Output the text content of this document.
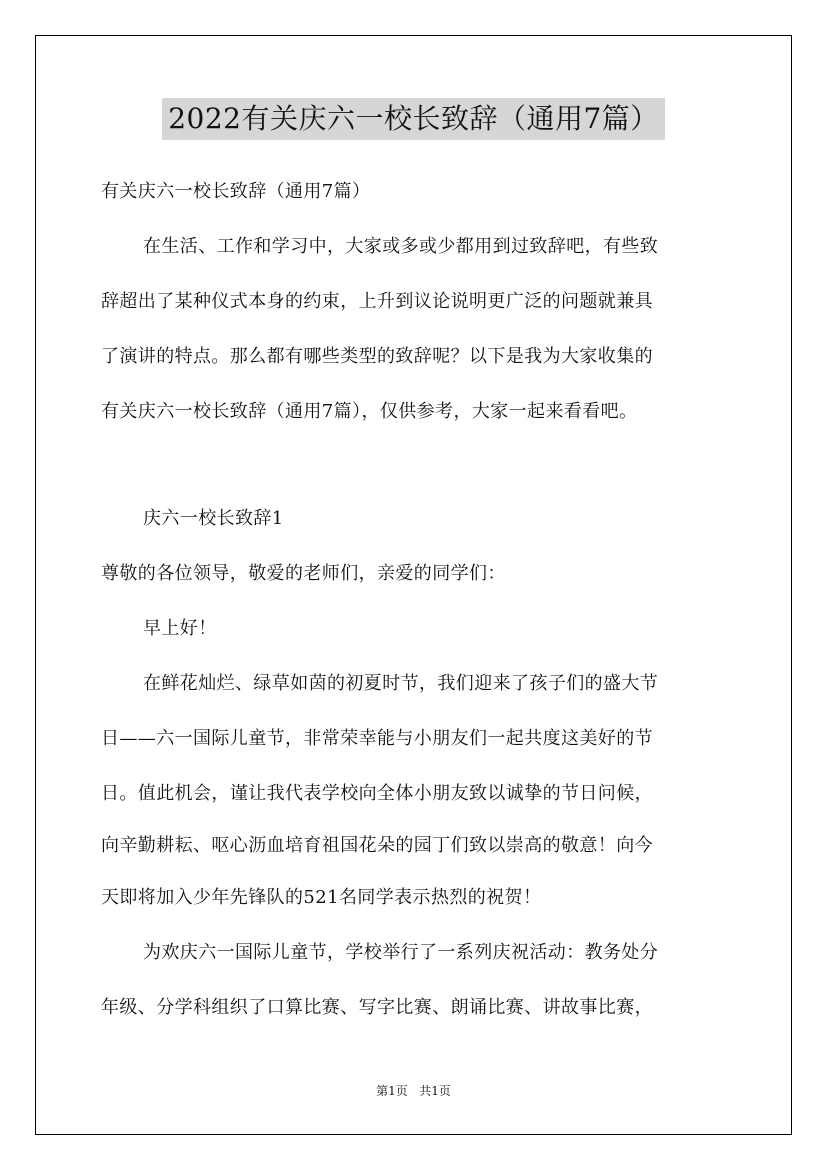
2022有关庆六一校长致辞（通用7篇）
有关庆六一校长致辞（通用7篇）
在生活、工作和学习中，大家或多或少都用到过致辞吧，有些致
辞超出了某种仪式本身的约束，上升到议论说明更广泛的问题就兼具
了演讲的特点。那么都有哪些类型的致辞呢？以下是我为大家收集的
有关庆六一校长致辞（通用7篇），仅供参考，大家一起来看看吧。
庆六一校长致辞1
尊敬的各位领导，敬爱的老师们，亲爱的同学们：
早上好！
在鲜花灿烂、绿草如茵的初夏时节，我们迎来了孩子们的盛大节
日——六一国际儿童节，非常荣幸能与小朋友们一起共度这美好的节
日。值此机会，谨让我代表学校向全体小朋友致以诚挚的节日问候，
向辛勤耕耘、呕心沥血培育祖国花朵的园丁们致以崇高的敬意！向今
天即将加入少年先锋队的521名同学表示热烈的祝贺！
为欢庆六一国际儿童节，学校举行了一系列庆祝活动：教务处分
年级、分学科组织了口算比赛、写字比赛、朗诵比赛、讲故事比赛，
第1页   共1页
